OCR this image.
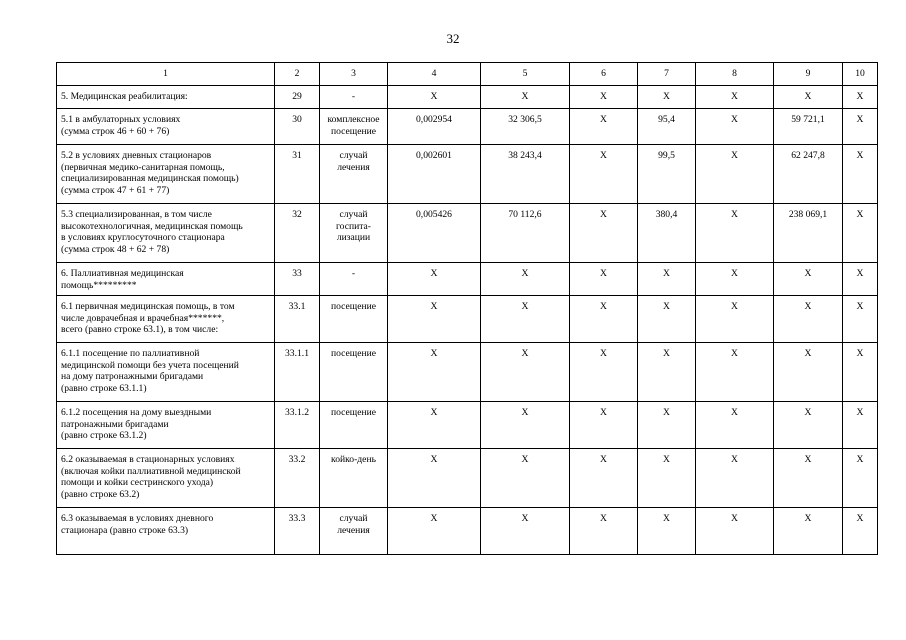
32
1	2	3	4	5	6	7	8	9	10
5. Медицинская реабилитация:	29	-	X	X	X	X	X	X	X
5.1 в амбулаторных условиях
(сумма строк 46 + 60 + 76)	30	комплексное
посещение	0,002954	32 306,5	X	95,4	X	59 721,1	X
5.2 в условиях дневных стационаров
(первичная медико-санитарная помощь,
специализированная медицинская помощь)
(сумма строк 47 + 61 + 77)	31	случай
лечения	0,002601	38 243,4	X	99,5	X	62 247,8	X
5.3 специализированная, в том числе
высокотехнологичная, медицинская помощь
в условиях круглосуточного стационара
(сумма строк 48 + 62 + 78)	32	случай
госпита-
лизации	0,005426	70 112,6	X	380,4	X	238 069,1	X
6. Паллиативная медицинская
помощь*********	33	-	X	X	X	X	X	X	X
6.1 первичная медицинская помощь, в том
числе доврачебная и врачебная*******,
всего (равно строке 63.1), в том числе:	33.1	посещение	X	X	X	X	X	X	X
6.1.1 посещение по паллиативной
медицинской помощи без учета посещений
на дому патронажными бригадами
(равно строке 63.1.1)	33.1.1	посещение	X	X	X	X	X	X	X
6.1.2 посещения на дому выездными
патронажными бригадами
(равно строке 63.1.2)	33.1.2	посещение	X	X	X	X	X	X	X
6.2 оказываемая в стационарных условиях
(включая койки паллиативной медицинской
помощи и койки сестринского ухода)
(равно строке 63.2)	33.2	койко-день	X	X	X	X	X	X	X
6.3 оказываемая в условиях дневного
стационара (равно строке 63.3)	33.3	случай
лечения	X	X	X	X	X	X	X
